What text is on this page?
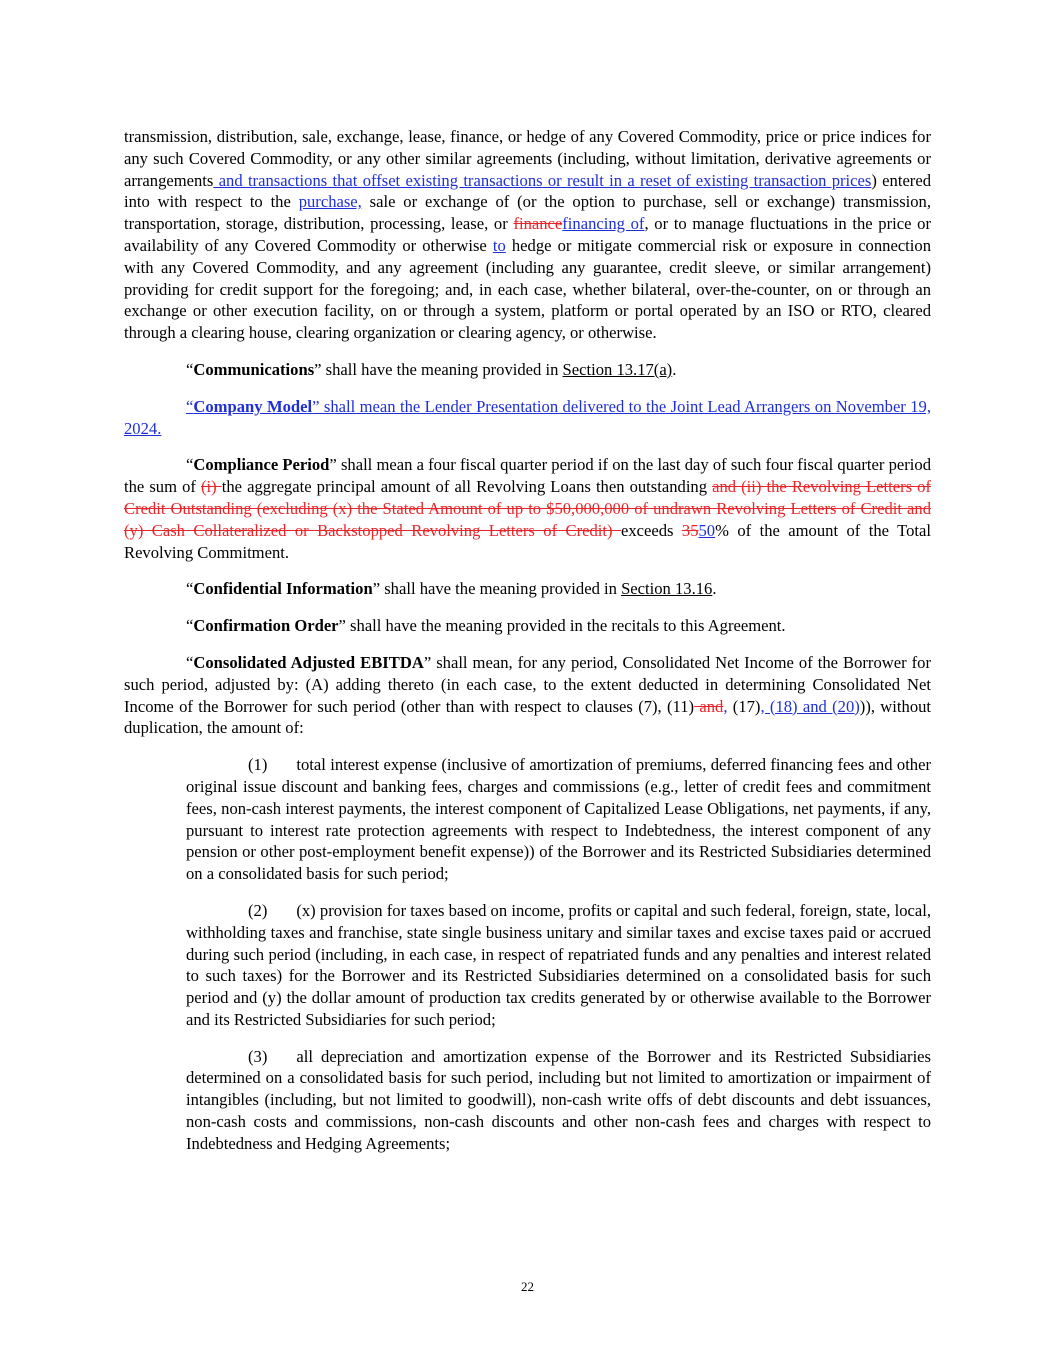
transmission, distribution, sale, exchange, lease, finance, or hedge of any Covered Commodity, price or price indices for any such Covered Commodity, or any other similar agreements (including, without limitation, derivative agreements or arrangements and transactions that offset existing transactions or result in a reset of existing transaction prices) entered into with respect to the purchase, sale or exchange of (or the option to purchase, sell or exchange) transmission, transportation, storage, distribution, processing, lease, or financefinancing of, or to manage fluctuations in the price or availability of any Covered Commodity or otherwise to hedge or mitigate commercial risk or exposure in connection with any Covered Commodity, and any agreement (including any guarantee, credit sleeve, or similar arrangement) providing for credit support for the foregoing; and, in each case, whether bilateral, over-the-counter, on or through an exchange or other execution facility, on or through a system, platform or portal operated by an ISO or RTO, cleared through a clearing house, clearing organization or clearing agency, or otherwise.

“Communications” shall have the meaning provided in Section 13.17(a).

“Company Model” shall mean the Lender Presentation delivered to the Joint Lead Arrangers on November 19, 2024.

“Compliance Period” shall mean a four fiscal quarter period if on the last day of such four fiscal quarter period the sum of (i) the aggregate principal amount of all Revolving Loans then outstanding and (ii) the Revolving Letters of Credit Outstanding (excluding (x) the Stated Amount of up to $50,000,000 of undrawn Revolving Letters of Credit and (y) Cash Collateralized or Backstopped Revolving Letters of Credit) exceeds 3550% of the amount of the Total Revolving Commitment.

“Confidential Information” shall have the meaning provided in Section 13.16.

“Confirmation Order” shall have the meaning provided in the recitals to this Agreement.

“Consolidated Adjusted EBITDA” shall mean, for any period, Consolidated Net Income of the Borrower for such period, adjusted by: (A) adding thereto (in each case, to the extent deducted in determining Consolidated Net Income of the Borrower for such period (other than with respect to clauses (7), (11) and, (17), (18) and (20))), without duplication, the amount of:

(1) total interest expense (inclusive of amortization of premiums, deferred financing fees and other original issue discount and banking fees, charges and commissions (e.g., letter of credit fees and commitment fees, non-cash interest payments, the interest component of Capitalized Lease Obligations, net payments, if any, pursuant to interest rate protection agreements with respect to Indebtedness, the interest component of any pension or other post-employment benefit expense)) of the Borrower and its Restricted Subsidiaries determined on a consolidated basis for such period;

(2) (x) provision for taxes based on income, profits or capital and such federal, foreign, state, local, withholding taxes and franchise, state single business unitary and similar taxes and excise taxes paid or accrued during such period (including, in each case, in respect of repatriated funds and any penalties and interest related to such taxes) for the Borrower and its Restricted Subsidiaries determined on a consolidated basis for such period and (y) the dollar amount of production tax credits generated by or otherwise available to the Borrower and its Restricted Subsidiaries for such period;

(3) all depreciation and amortization expense of the Borrower and its Restricted Subsidiaries determined on a consolidated basis for such period, including but not limited to amortization or impairment of intangibles (including, but not limited to goodwill), non-cash write offs of debt discounts and debt issuances, non-cash costs and commissions, non-cash discounts and other non-cash fees and charges with respect to Indebtedness and Hedging Agreements;

22
